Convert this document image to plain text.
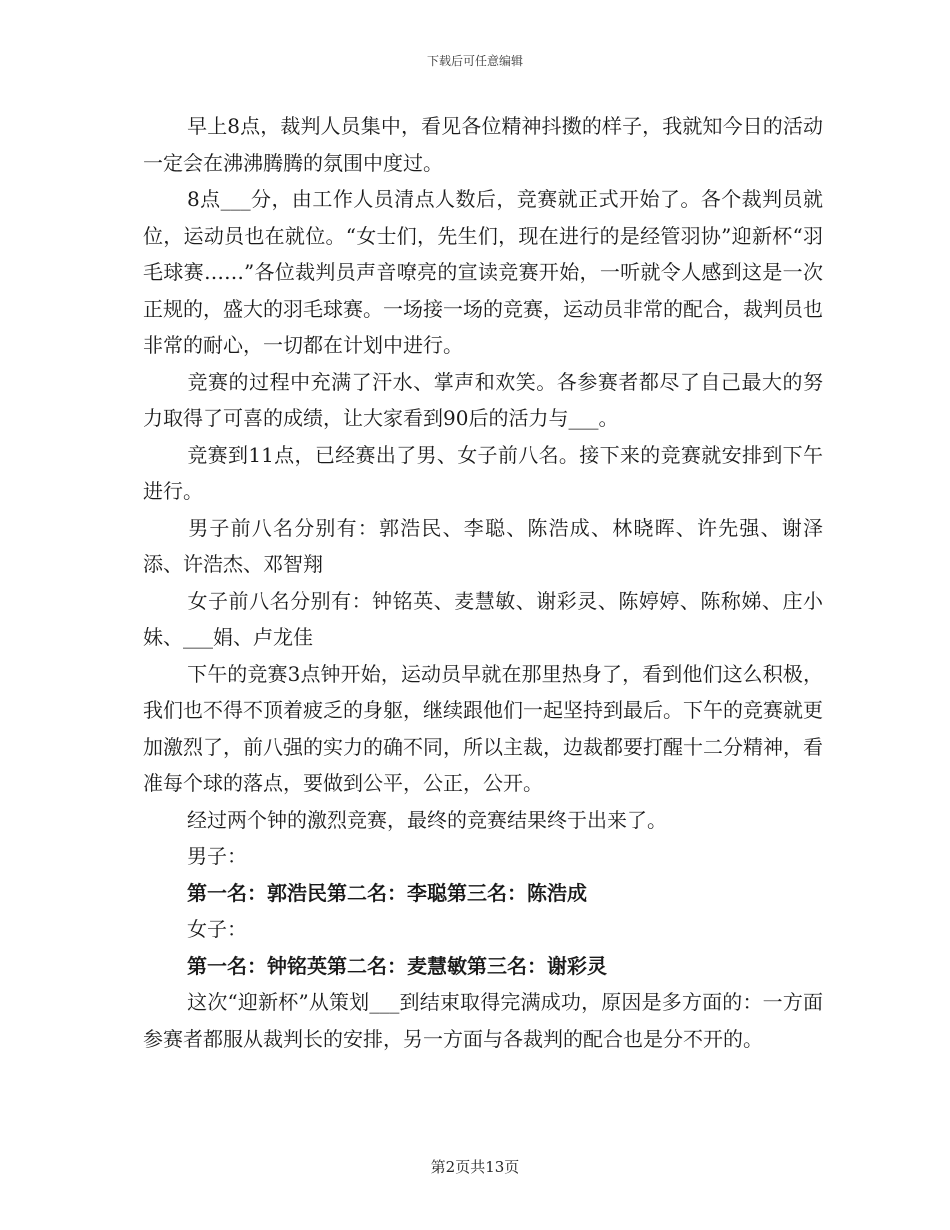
下载后可任意编辑

早上8点，裁判人员集中，看见各位精神抖擞的样子，我就知今日的活动一定会在沸沸腾腾的氛围中度过。

8点___分，由工作人员清点人数后，竞赛就正式开始了。各个裁判员就位，运动员也在就位。“女士们，先生们，现在进行的是经管羽协”迎新杯“羽毛球赛……”各位裁判员声音嘹亮的宣读竞赛开始，一听就令人感到这是一次正规的，盛大的羽毛球赛。一场接一场的竞赛，运动员非常的配合，裁判员也非常的耐心，一切都在计划中进行。

竞赛的过程中充满了汗水、掌声和欢笑。各参赛者都尽了自己最大的努力取得了可喜的成绩，让大家看到90后的活力与___。

竞赛到11点，已经赛出了男、女子前八名。接下来的竞赛就安排到下午进行。

男子前八名分别有：郭浩民、李聪、陈浩成、林晓晖、许先强、谢泽添、许浩杰、邓智翔

女子前八名分别有：钟铭英、麦慧敏、谢彩灵、陈婷婷、陈称娣、庄小妹、___娟、卢龙佳

下午的竞赛3点钟开始，运动员早就在那里热身了，看到他们这么积极，我们也不得不顶着疲乏的身躯，继续跟他们一起坚持到最后。下午的竞赛就更加激烈了，前八强的实力的确不同，所以主裁，边裁都要打醒十二分精神，看准每个球的落点，要做到公平，公正，公开。

经过两个钟的激烈竞赛，最终的竞赛结果终于出来了。

男子：

第一名：郭浩民第二名：李聪第三名：陈浩成

女子：

第一名：钟铭英第二名：麦慧敏第三名：谢彩灵

这次“迎新杯”从策划___到结束取得完满成功，原因是多方面的：一方面参赛者都服从裁判长的安排，另一方面与各裁判的配合也是分不开的。

第2页共13页
